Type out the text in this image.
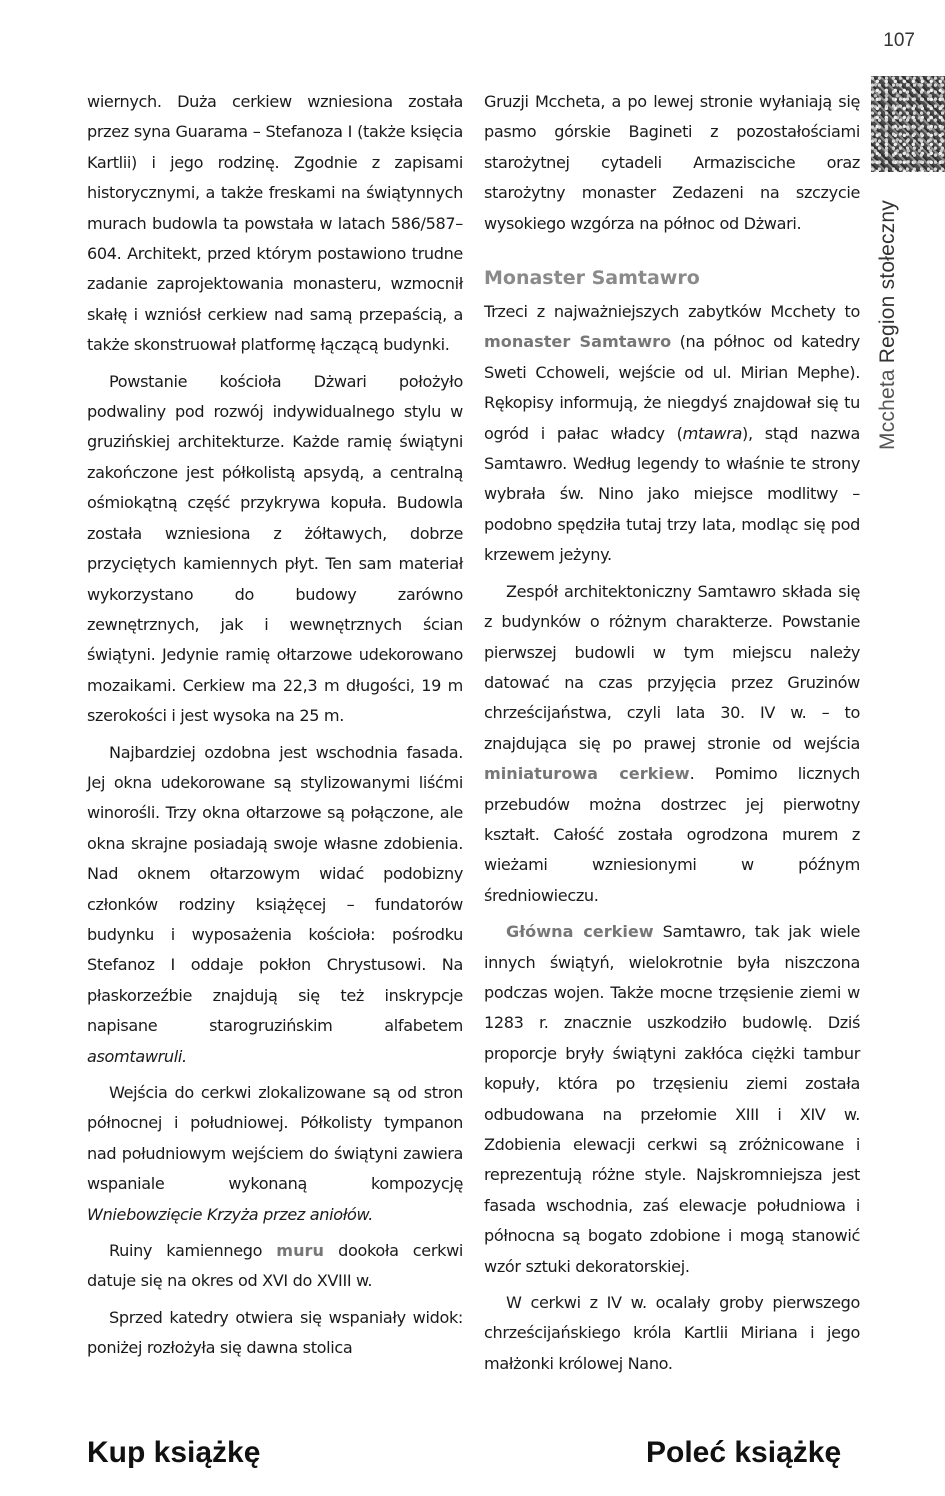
107
Mccheta Region stołeczny

wiernych. Duża cerkiew wzniesiona została przez syna Guarama – Stefanoza I (także księcia Kartlii) i jego rodzinę. Zgodnie z zapisami historycznymi, a także freskami na świątynnych murach budowla ta powstała w latach 586/587–604. Architekt, przed którym postawiono trudne zadanie zaprojektowania monasteru, wzmocnił skałę i wzniósł cerkiew nad samą przepaścią, a także skonstruował platformę łączącą budynki.

Powstanie kościoła Dżwari położyło podwaliny pod rozwój indywidualnego stylu w gruzińskiej architekturze. Każde ramię świątyni zakończone jest półkolistą apsydą, a centralną ośmiokątną część przykrywa kopuła. Budowla została wzniesiona z żółtawych, dobrze przyciętych kamiennych płyt. Ten sam materiał wykorzystano do budowy zarówno zewnętrznych, jak i wewnętrznych ścian świątyni. Jedynie ramię ołtarzowe udekorowano mozaikami. Cerkiew ma 22,3 m długości, 19 m szerokości i jest wysoka na 25 m.

Najbardziej ozdobna jest wschodnia fasada. Jej okna udekorowane są stylizowanymi liśćmi winorośli. Trzy okna ołtarzowe są połączone, ale okna skrajne posiadają swoje własne zdobienia. Nad oknem ołtarzowym widać podobizny członków rodziny książęcej – fundatorów budynku i wyposażenia kościoła: pośrodku Stefanoz I oddaje pokłon Chrystusowi. Na płaskorzeźbie znajdują się też inskrypcje napisane starogruzińskim alfabetem asomtawruli.

Wejścia do cerkwi zlokalizowane są od stron północnej i południowej. Półkolisty tympanon nad południowym wejściem do świątyni zawiera wspaniale wykonaną kompozycję Wniebowzięcie Krzyża przez aniołów.

Ruiny kamiennego muru dookoła cerkwi datuje się na okres od XVI do XVIII w.

Sprzed katedry otwiera się wspaniały widok: poniżej rozłożyła się dawna stolica

Gruzji Mccheta, a po lewej stronie wyłaniają się pasmo górskie Bagineti z pozostałościami starożytnej cytadeli Armazisciche oraz starożytny monaster Zedazeni na szczycie wysokiego wzgórza na północ od Dżwari.

Monaster Samtawro

Trzeci z najważniejszych zabytków Mcchety to monaster Samtawro (na północ od katedry Sweti Cchoweli, wejście od ul. Mirian Mephe). Rękopisy informują, że niegdyś znajdował się tu ogród i pałac władcy (mtawra), stąd nazwa Samtawro. Według legendy to właśnie te strony wybrała św. Nino jako miejsce modlitwy – podobno spędziła tutaj trzy lata, modląc się pod krzewem jeżyny.

Zespół architektoniczny Samtawro składa się z budynków o różnym charakterze. Powstanie pierwszej budowli w tym miejscu należy datować na czas przyjęcia przez Gruzinów chrześcijaństwa, czyli lata 30. IV w. – to znajdująca się po prawej stronie od wejścia miniaturowa cerkiew. Pomimo licznych przebudów można dostrzec jej pierwotny kształt. Całość została ogrodzona murem z wieżami wzniesionymi w późnym średniowieczu.

Główna cerkiew Samtawro, tak jak wiele innych świątyń, wielokrotnie była niszczona podczas wojen. Także mocne trzęsienie ziemi w 1283 r. znacznie uszkodziło budowlę. Dziś proporcje bryły świątyni zakłóca ciężki tambur kopuły, która po trzęsieniu ziemi została odbudowana na przełomie XIII i XIV w. Zdobienia elewacji cerkwi są zróżnicowane i reprezentują różne style. Najskromniejsza jest fasada wschodnia, zaś elewacje południowa i północna są bogato zdobione i mogą stanowić wzór sztuki dekoratorskiej.

W cerkwi z IV w. ocalały groby pierwszego chrześcijańskiego króla Kartlii Miriana i jego małżonki królowej Nano.

Kup książkę	Poleć książkę
